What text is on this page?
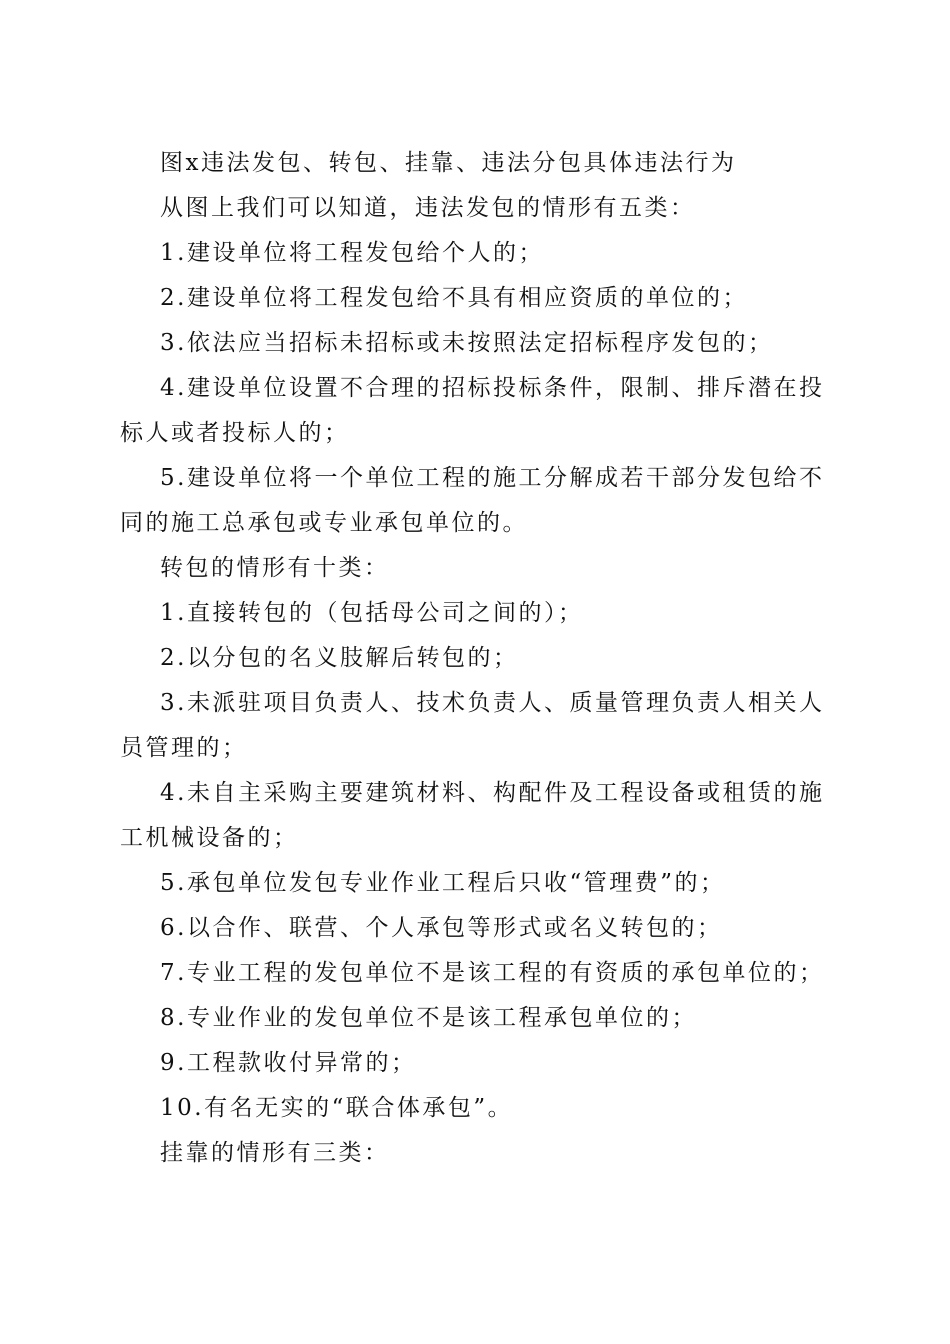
图x违法发包、转包、挂靠、违法分包具体违法行为

从图上我们可以知道，违法发包的情形有五类：

1.建设单位将工程发包给个人的；

2.建设单位将工程发包给不具有相应资质的单位的；

3.依法应当招标未招标或未按照法定招标程序发包的；

4.建设单位设置不合理的招标投标条件，限制、排斥潜在投标人或者投标人的；

5.建设单位将一个单位工程的施工分解成若干部分发包给不同的施工总承包或专业承包单位的。

转包的情形有十类：

1.直接转包的（包括母公司之间的）；

2.以分包的名义肢解后转包的；

3.未派驻项目负责人、技术负责人、质量管理负责人相关人员管理的；

4.未自主采购主要建筑材料、构配件及工程设备或租赁的施工机械设备的；

5.承包单位发包专业作业工程后只收“管理费”的；

6.以合作、联营、个人承包等形式或名义转包的；

7.专业工程的发包单位不是该工程的有资质的承包单位的；

8.专业作业的发包单位不是该工程承包单位的；

9.工程款收付异常的；

10.有名无实的“联合体承包”。

挂靠的情形有三类：
